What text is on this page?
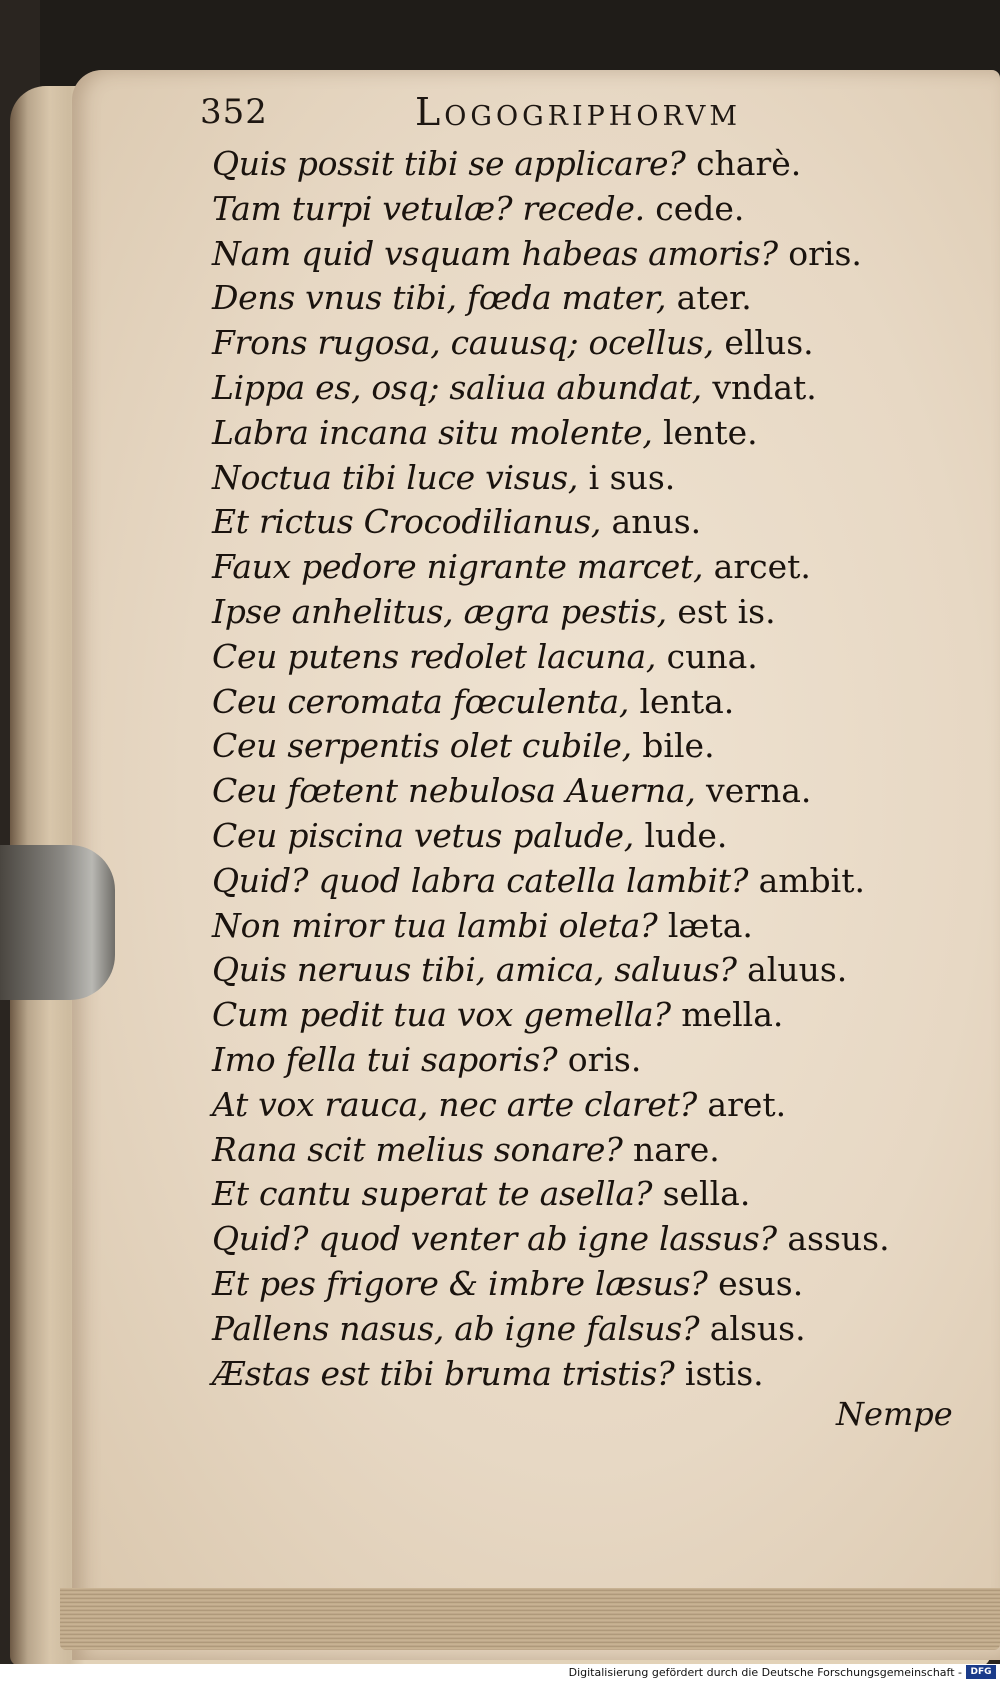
352	Logogriphorvm
Quis possit tibi se applicare? charè.
Tam turpi vetulæ? recede. cede.
Nam quid vsquam habeas amoris? oris.
Dens vnus tibi, fœda mater, ater.
Frons rugosa, cauusq; ocellus, ellus.
Lippa es, osq; saliua abundat, vndat.
Labra incana situ molente, lente.
Noctua tibi luce visus, i sus.
Et rictus Crocodilianus, anus.
Faux pedore nigrante marcet, arcet.
Ipse anhelitus, ægra pestis, est is.
Ceu putens redolet lacuna, cuna.
Ceu ceromata fœculenta, lenta.
Ceu serpentis olet cubile, bile.
Ceu fœtent nebulosa Auerna, verna.
Ceu piscina vetus palude, lude.
Quid? quod labra catella lambit? ambit.
Non miror tua lambi oleta? læta.
Quis neruus tibi, amica, saluus? aluus.
Cum pedit tua vox gemella? mella.
Imo fella tui saporis? oris.
At vox rauca, nec arte claret? aret.
Rana scit melius sonare? nare.
Et cantu superat te asella? sella.
Quid? quod venter ab igne lassus? assus.
Et pes frigore & imbre læsus? esus.
Pallens nasus, ab igne falsus? alsus.
Æstas est tibi bruma tristis? istis.
Nempe
Digitalisierung gefördert durch die Deutsche Forschungsgemeinschaft - DFG
